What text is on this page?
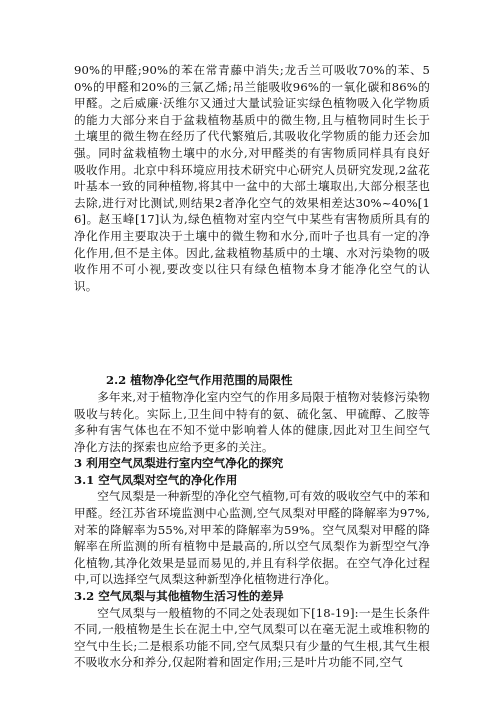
90%的甲醛;90%的苯在常青藤中消失;龙舌兰可吸收70%的苯、50%的甲醛和20%的三氯乙烯;吊兰能吸收96%的一氧化碳和86%的甲醛。之后威廉·沃维尔又通过大量试验证实绿色植物吸入化学物质的能力大部分来自于盆栽植物基质中的微生物,且与植物同时生长于土壤里的微生物在经历了代代繁殖后,其吸收化学物质的能力还会加强。同时盆栽植物土壤中的水分,对甲醛类的有害物质同样具有良好吸收作用。北京中科环境应用技术研究中心研究人员研究发现,2盆花叶基本一致的同种植物,将其中一盆中的大部土壤取出,大部分根茎也去除,进行对比测试,则结果2者净化空气的效果相差达30%~40%[16]。赵玉峰[17]认为,绿色植物对室内空气中某些有害物质所具有的净化作用主要取决于土壤中的微生物和水分,而叶子也具有一定的净化作用,但不是主体。因此,盆栽植物基质中的土壤、水对污染物的吸收作用不可小视,要改变以往只有绿色植物本身才能净化空气的认识。

2.2 植物净化空气作用范围的局限性

多年来,对于植物净化室内空气的作用多局限于植物对装修污染物吸收与转化。实际上,卫生间中特有的氨、硫化氢、甲硫醇、乙胺等多种有害气体也在不知不觉中影响着人体的健康,因此对卫生间空气净化方法的探索也应给予更多的关注。

3 利用空气凤梨进行室内空气净化的探究

3.1 空气凤梨对空气的净化作用

空气凤梨是一种新型的净化空气植物,可有效的吸收空气中的苯和甲醛。经江苏省环境监测中心监测,空气凤梨对甲醛的降解率为97%,对苯的降解率为55%,对甲苯的降解率为59%。空气凤梨对甲醛的降解率在所监测的所有植物中是最高的,所以空气凤梨作为新型空气净化植物,其净化效果是显而易见的,并且有科学依据。在空气净化过程中,可以选择空气凤梨这种新型净化植物进行净化。

3.2 空气凤梨与其他植物生活习性的差异

空气凤梨与一般植物的不同之处表现如下[18-19]:一是生长条件不同,一般植物是生长在泥土中,空气凤梨可以在毫无泥土或堆积物的空气中生长;二是根系功能不同,空气凤梨只有少量的气生根,其气生根不吸收水分和养分,仅起附着和固定作用;三是叶片功能不同,空气
